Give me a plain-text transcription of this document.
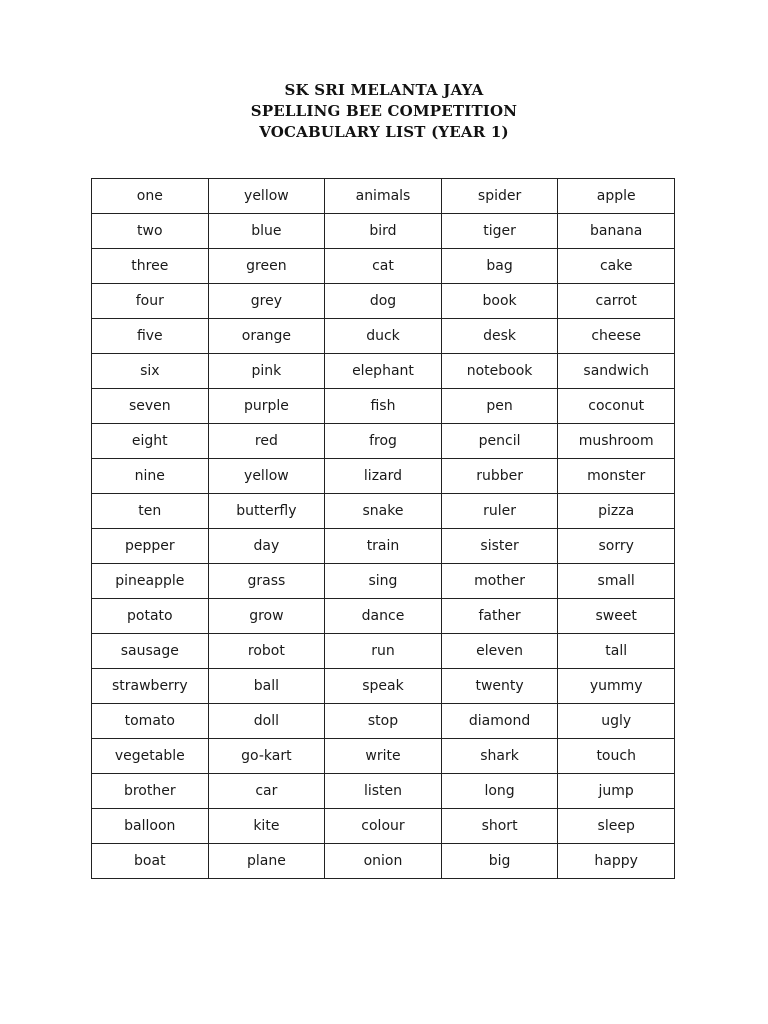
SK SRI MELANTA JAYA
SPELLING BEE COMPETITION
VOCABULARY LIST (YEAR 1)
one	yellow	animals	spider	apple
two	blue	bird	tiger	banana
three	green	cat	bag	cake
four	grey	dog	book	carrot
five	orange	duck	desk	cheese
six	pink	elephant	notebook	sandwich
seven	purple	fish	pen	coconut
eight	red	frog	pencil	mushroom
nine	yellow	lizard	rubber	monster
ten	butterfly	snake	ruler	pizza
pepper	day	train	sister	sorry
pineapple	grass	sing	mother	small
potato	grow	dance	father	sweet
sausage	robot	run	eleven	tall
strawberry	ball	speak	twenty	yummy
tomato	doll	stop	diamond	ugly
vegetable	go-kart	write	shark	touch
brother	car	listen	long	jump
balloon	kite	colour	short	sleep
boat	plane	onion	big	happy
